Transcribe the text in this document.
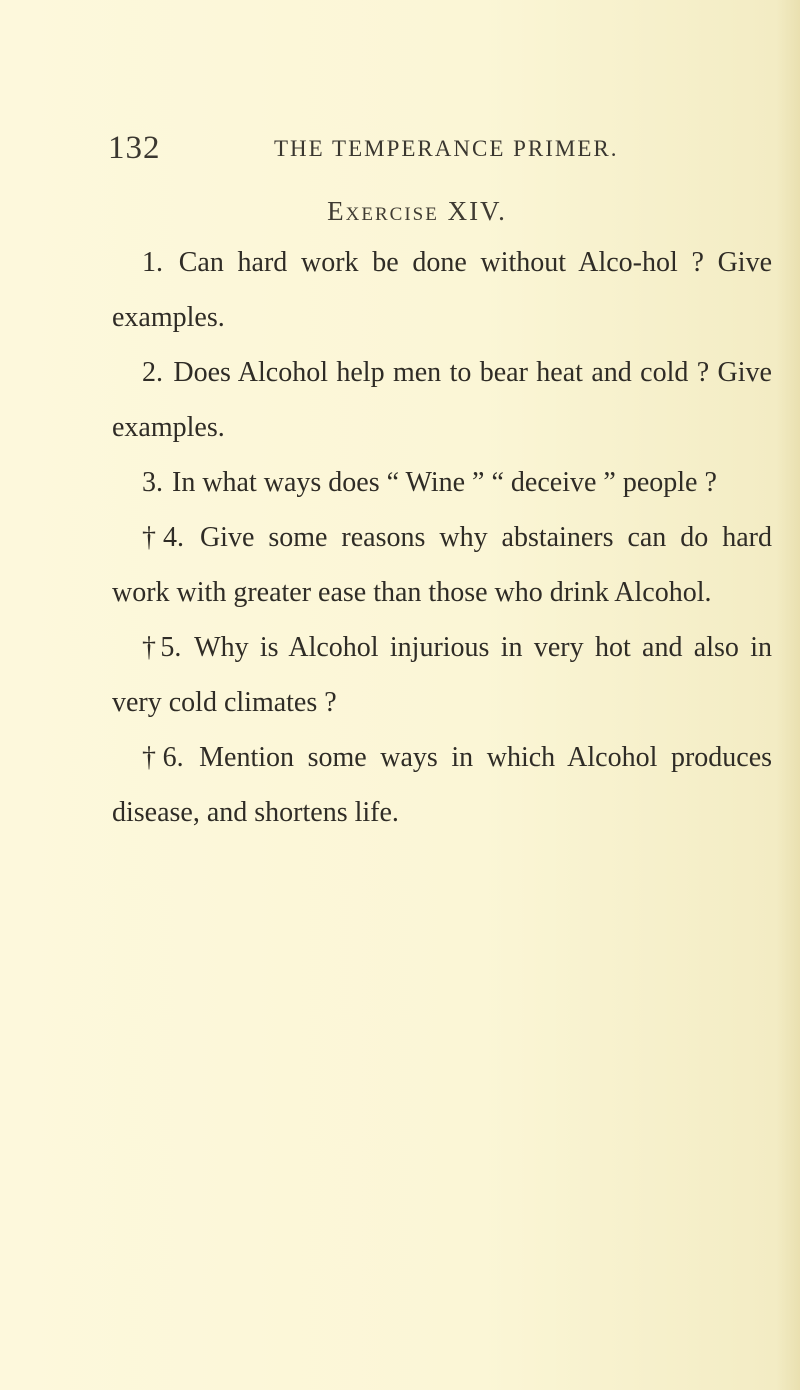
132	THE TEMPERANCE PRIMER.
Exercise XIV.

1. Can hard work be done without Alco-hol ? Give examples.

2. Does Alcohol help men to bear heat and cold ? Give examples.

3. In what ways does “ Wine ” “ deceive ” people ?

†4. Give some reasons why abstainers can do hard work with greater ease than those who drink Alcohol.

†5. Why is Alcohol injurious in very hot and also in very cold climates ?

†6. Mention some ways in which Alcohol produces disease, and shortens life.
